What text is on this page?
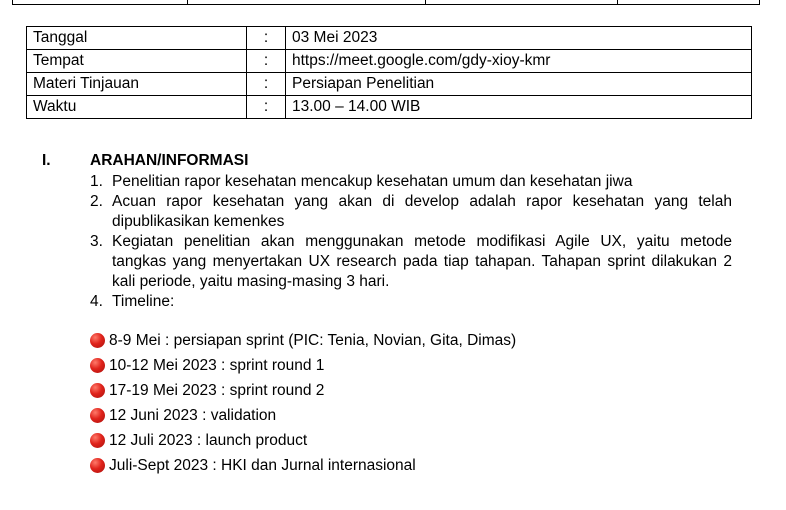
Tanggal	:	03 Mei 2023
Tempat	:	https://meet.google.com/gdy-xioy-kmr
Materi Tinjauan	:	Persiapan Penelitian
Waktu	:	13.00 – 14.00 WIB
I.	ARAHAN/INFORMASI
1. Penelitian rapor kesehatan mencakup kesehatan umum dan kesehatan jiwa
2. Acuan rapor kesehatan yang akan di develop adalah rapor kesehatan yang telah dipublikasikan kemenkes
3. Kegiatan penelitian akan menggunakan metode modifikasi Agile UX, yaitu metode tangkas yang menyertakan UX research pada tiap tahapan. Tahapan sprint dilakukan 2 kali periode, yaitu masing-masing 3 hari.
4. Timeline:
8-9 Mei : persiapan sprint (PIC: Tenia, Novian, Gita, Dimas)
10-12 Mei 2023 : sprint round 1
17-19 Mei 2023 : sprint round 2
12 Juni 2023 : validation
12 Juli 2023 : launch product
Juli-Sept 2023 : HKI dan Jurnal internasional
